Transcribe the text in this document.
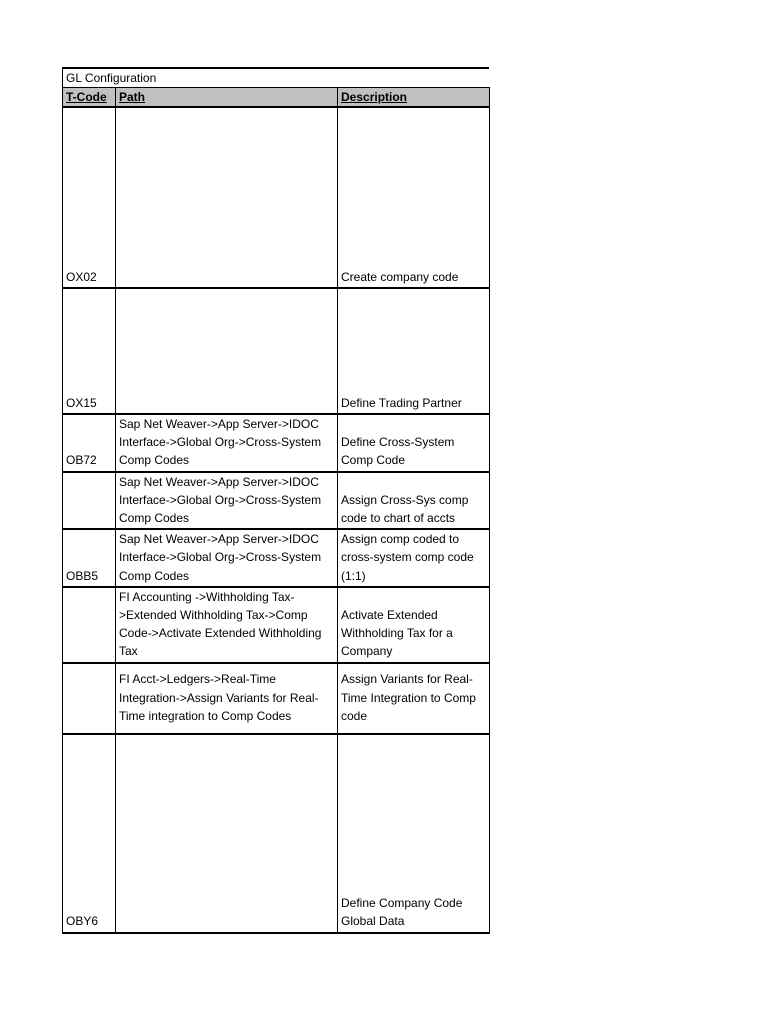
GL Configuration
T-Code	Path	Description
OX02		Create company code
OX15		Define Trading Partner
OB72	Sap Net Weaver->App Server->IDOC Interface->Global Org->Cross-System Comp Codes	Define Cross-System Comp Code
	Sap Net Weaver->App Server->IDOC Interface->Global Org->Cross-System Comp Codes	Assign Cross-Sys comp code to chart of accts
OBB5	Sap Net Weaver->App Server->IDOC Interface->Global Org->Cross-System Comp Codes	Assign comp coded to cross-system comp code (1:1)
	FI Accounting ->Withholding Tax->Extended Withholding Tax->Comp Code->Activate Extended Withholding Tax	Activate Extended Withholding Tax for a Company
	FI Acct->Ledgers->Real-Time Integration->Assign Variants for Real-Time integration to Comp Codes	Assign Variants for Real-Time Integration to Comp code
OBY6		Define Company Code Global Data
